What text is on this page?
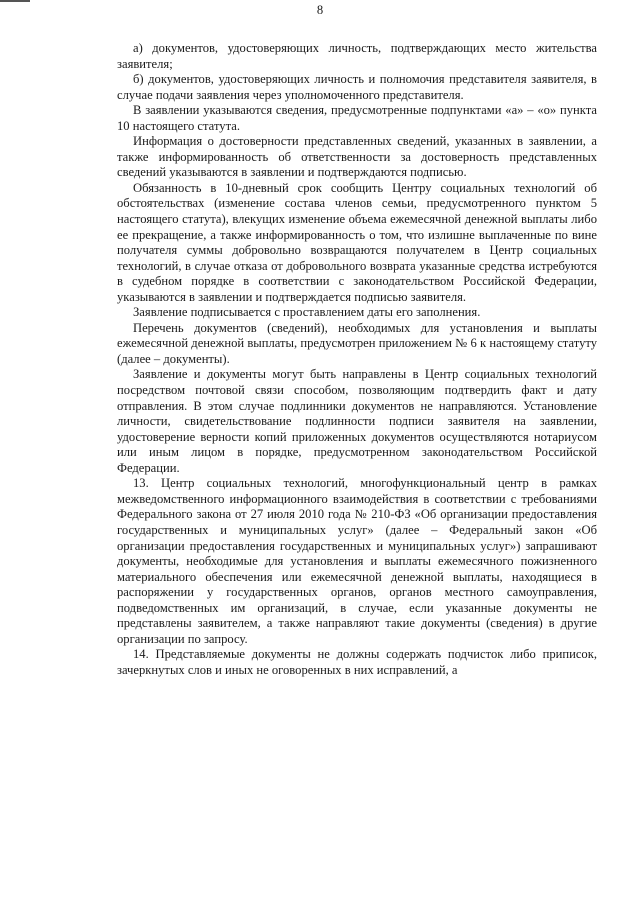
8

а) документов, удостоверяющих личность, подтверждающих место жительства заявителя;

б) документов, удостоверяющих личность и полномочия представителя заявителя, в случае подачи заявления через уполномоченного представителя.

В заявлении указываются сведения, предусмотренные подпунктами «а» – «о» пункта 10 настоящего статута.

Информация о достоверности представленных сведений, указанных в заявлении, а также информированность об ответственности за достоверность представленных сведений указываются в заявлении и подтверждаются подписью.

Обязанность в 10-дневный срок сообщить Центру социальных технологий об обстоятельствах (изменение состава членов семьи, предусмотренного пунктом 5 настоящего статута), влекущих изменение объема ежемесячной денежной выплаты либо ее прекращение, а также информированность о том, что излишне выплаченные по вине получателя суммы добровольно возвращаются получателем в Центр социальных технологий, в случае отказа от добровольного возврата указанные средства истребуются в судебном порядке в соответствии с законодательством Российской Федерации, указываются в заявлении и подтверждается подписью заявителя.

Заявление подписывается с проставлением даты его заполнения.

Перечень документов (сведений), необходимых для установления и выплаты ежемесячной денежной выплаты, предусмотрен приложением № 6 к настоящему статуту (далее – документы).

Заявление и документы могут быть направлены в Центр социальных технологий посредством почтовой связи способом, позволяющим подтвердить факт и дату отправления. В этом случае подлинники документов не направляются. Установление личности, свидетельствование подлинности подписи заявителя на заявлении, удостоверение верности копий приложенных документов осуществляются нотариусом или иным лицом в порядке, предусмотренном законодательством Российской Федерации.

13. Центр социальных технологий, многофункциональный центр в рамках межведомственного информационного взаимодействия в соответствии с требованиями Федерального закона от 27 июля 2010 года № 210-ФЗ «Об организации предоставления государственных и муниципальных услуг» (далее – Федеральный закон «Об организации предоставления государственных и муниципальных услуг») запрашивают документы, необходимые для установления и выплаты ежемесячного пожизненного материального обеспечения или ежемесячной денежной выплаты, находящиеся в распоряжении у государственных органов, органов местного самоуправления, подведомственных им организаций, в случае, если указанные документы не представлены заявителем, а также направляют такие документы (сведения) в другие организации по запросу.

14. Представляемые документы не должны содержать подчисток либо приписок, зачеркнутых слов и иных не оговоренных в них исправлений, а
